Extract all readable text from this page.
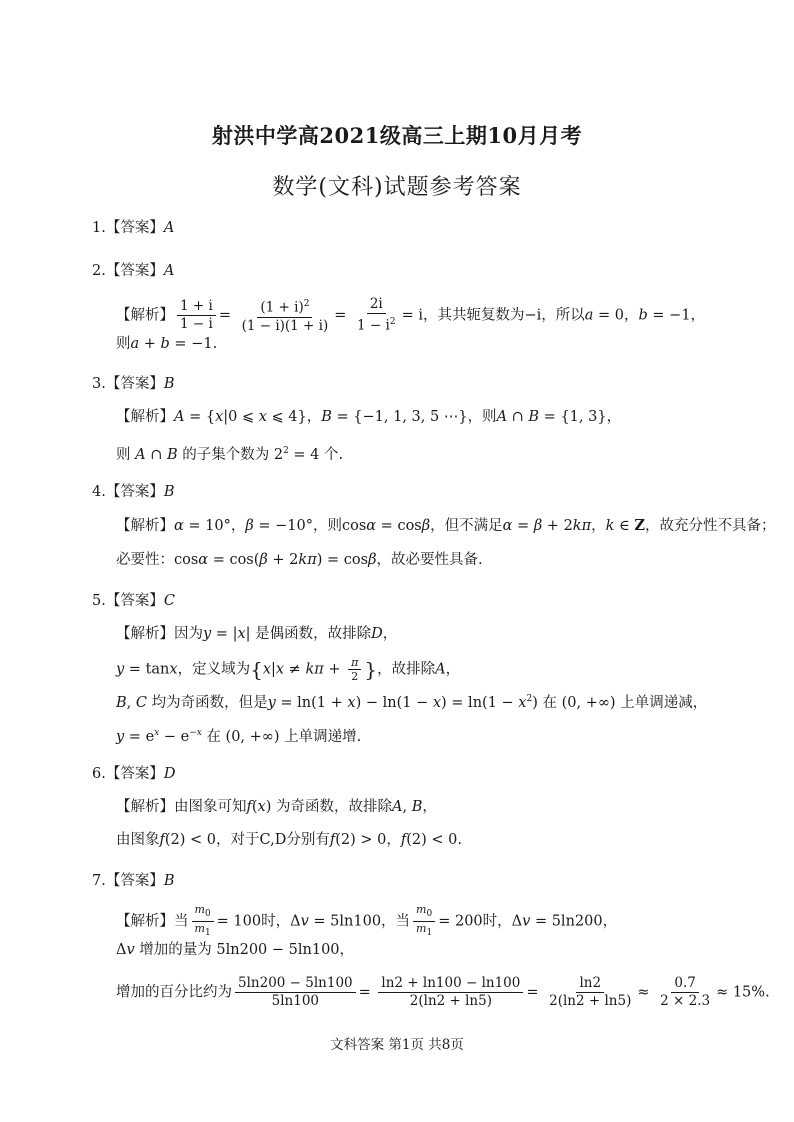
射洪中学高2021级高三上期10月月考
数学(文科)试题参考答案
1.【答案】A
2.【答案】A
【解析】 $\frac{1 + i}{1 - i} = \frac{(1 + i)^2}{(1 - i)(1 + i)} = \frac{2i}{1 - i^2} = i$，其共轭复数为−i，所以a = 0，b = −1，
则a + b = −1.
3.【答案】B
【解析】A = {x|0 ⩽ x ⩽ 4}，B = {−1, 1, 3, 5 ⋯}，则A ∩ B = {1, 3}，
则 A ∩ B 的子集个数为 $2^2 = 4$ 个.
4.【答案】B
【解析】α = 10°，β = −10°，则cosα = cosβ，但不满足α = β + 2kπ，k ∈ Z，故充分性不具备；
必要性：cosα = cos(β + 2kπ) = cosβ，故必要性具备.
5.【答案】C
【解析】因为y = |x| 是偶函数，故排除D，
y = tanx，定义域为{$x|x \ne k\pi + \frac{\pi}{2}$ }，故排除A，
B, C 均为奇函数，但是$y = \ln(1 + x) - \ln(1 - x) = \ln(1 - x^2)$ 在 (0, +∞) 上单调递减，
$y = e^x - e^{-x}$ 在 (0, +∞) 上单调递增.
6.【答案】D
【解析】由图象可知f(x) 为奇函数，故排除A, B，
由图象f(2) < 0，对于C,D分别有f(2) > 0，f(2) < 0.
7.【答案】B
【解析】当 $\frac{m_0}{m_1} = 100$时，Δv = 5ln100，当 $\frac{m_0}{m_1} = 200$时，Δv = 5ln200，
Δv 增加的量为 5ln200 − 5ln100，
增加的百分比约为 $\frac{5\ln 200 - 5\ln 100}{5\ln 100} = \frac{\ln 2 + \ln 100 - \ln 100}{2(\ln 2 + \ln 5)} = \frac{\ln 2}{2(\ln 2 + \ln 5)} \approx \frac{0.7}{2 \times 2.3} \approx 15\%$.
文科答案 第1页 共8页
